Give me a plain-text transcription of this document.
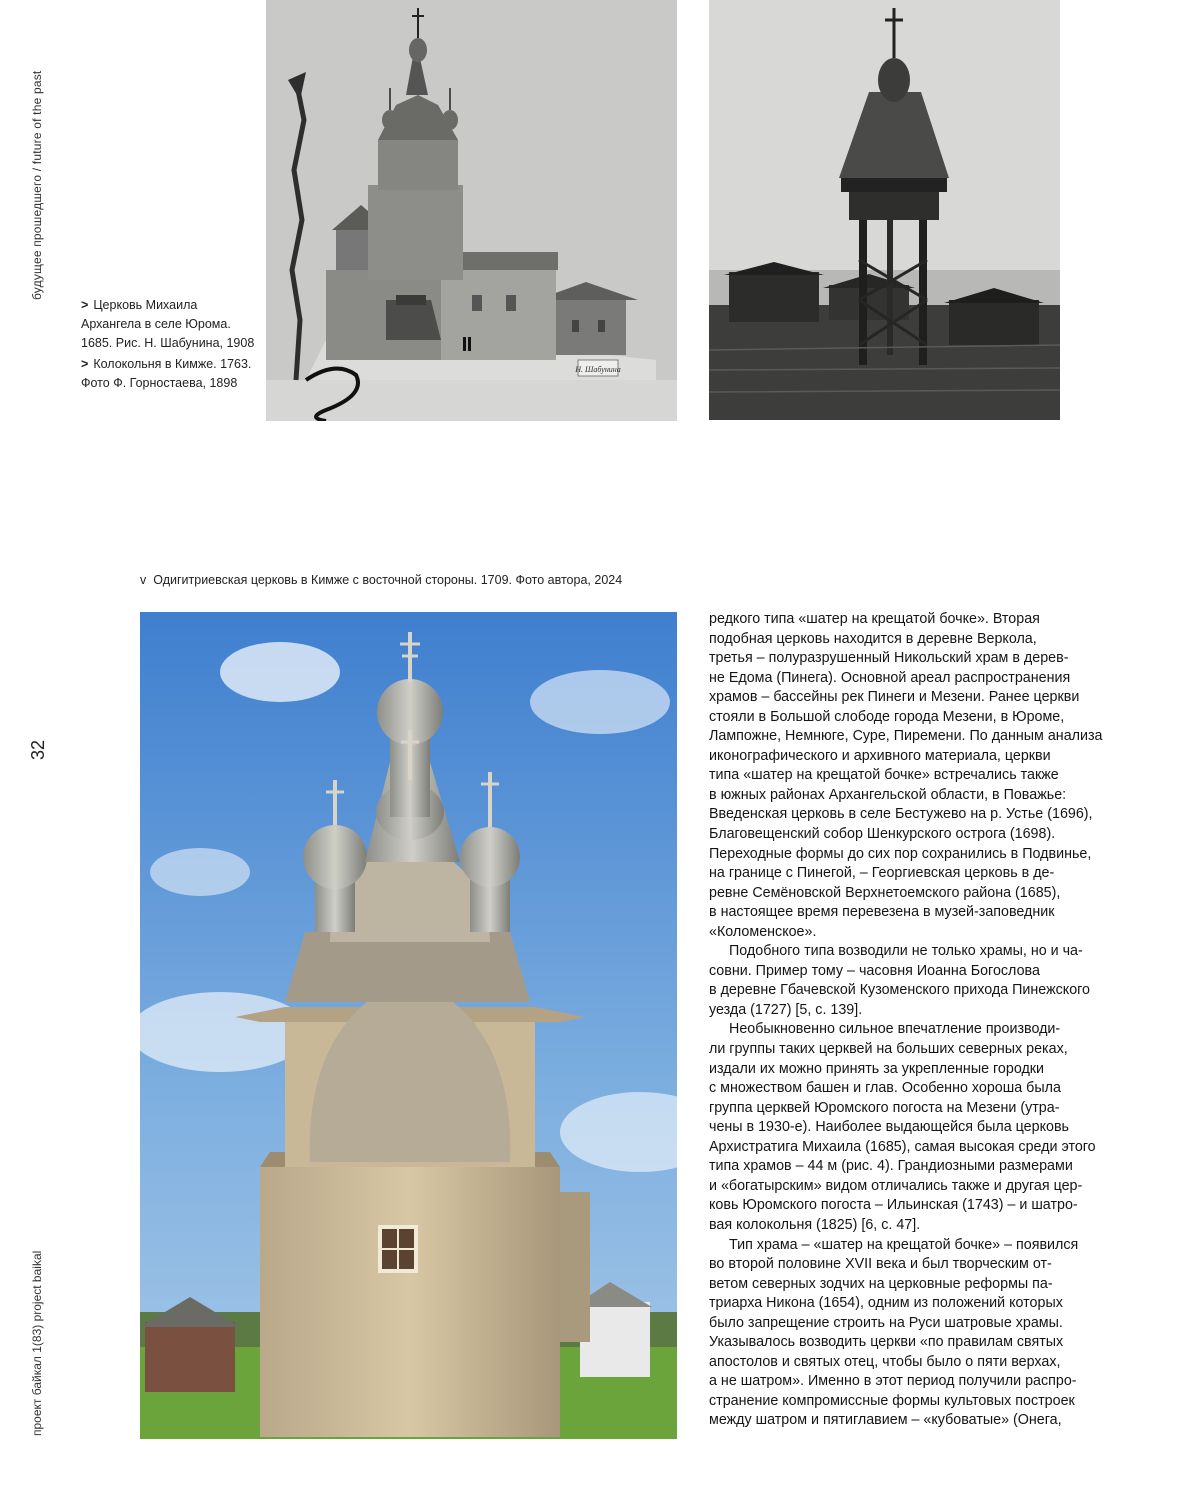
будущее прошедшего / future of the past
32
проект байкал 1(83) project baikal
Н. Шабунина
> Церковь Михаила Архангела в селе Юрома. 1685. Рис. Н. Шабунина, 1908
> Колокольня в Кимже. 1763. Фото Ф. Горностаева, 1898
v Одигитриевская церковь в Кимже с восточной стороны. 1709. Фото автора, 2024
редкого типа «шатер на крещатой бочке». Вторая
подобная церковь находится в деревне Веркола,
третья – полуразрушенный Никольский храм в дерев-
не Едома (Пинега). Основной ареал распространения
храмов – бассейны рек Пинеги и Мезени. Ранее церкви
стояли в Большой слободе города Мезени, в Юроме,
Лампожне, Немнюге, Суре, Пиремени. По данным анализа
иконографического и архивного материала, церкви
типа «шатер на крещатой бочке» встречались также
в южных районах Архангельской области, в Поважье:
Введенская церковь в селе Бестужево на р. Устье (1696),
Благовещенский собор Шенкурского острога (1698).
Переходные формы до сих пор сохранились в Подвинье,
на границе с Пинегой, – Георгиевская церковь в де-
ревне Семёновской Верхнетоемского района (1685),
в настоящее время перевезена в музей-заповедник
«Коломенское».
Подобного типа возводили не только храмы, но и ча-
совни. Пример тому – часовня Иоанна Богослова
в деревне Гбачевской Кузоменского прихода Пинежского
уезда (1727) [5, с. 139].
Необыкновенно сильное впечатление производи-
ли группы таких церквей на больших северных реках,
издали их можно принять за укрепленные городки
с множеством башен и глав. Особенно хороша была
группа церквей Юромского погоста на Мезени (утра-
чены в 1930-е). Наиболее выдающейся была церковь
Архистратига Михаила (1685), самая высокая среди этого
типа храмов – 44 м (рис. 4). Грандиозными размерами
и «богатырским» видом отличались также и другая цер-
ковь Юромского погоста – Ильинская (1743) – и шатро-
вая колокольня (1825) [6, с. 47].
Тип храма – «шатер на крещатой бочке» – появился
во второй половине XVII века и был творческим от-
ветом северных зодчих на церковные реформы па-
триарха Никона (1654), одним из положений которых
было запрещение строить на Руси шатровые храмы.
Указывалось возводить церкви «по правилам святых
апостолов и святых отец, чтобы было о пяти верхах,
а не шатром». Именно в этот период получили распро-
странение компромиссные формы культовых построек
между шатром и пятиглавием – «кубоватые» (Онега,
